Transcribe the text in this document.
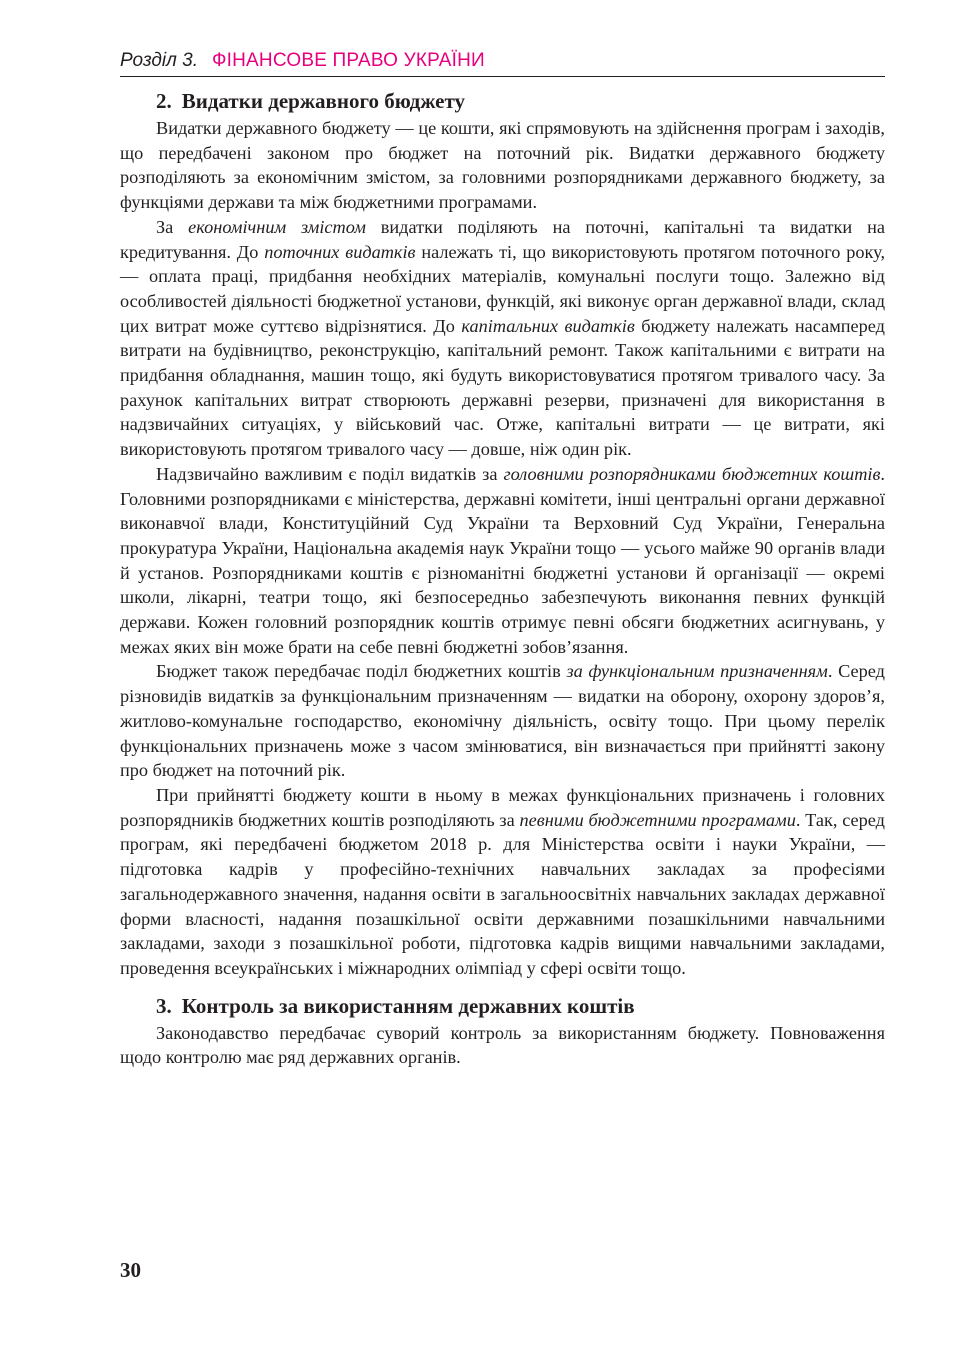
Розділ 3. ФІНАНСОВЕ ПРАВО УКРАЇНИ
2. Видатки державного бюджету

Видатки державного бюджету — це кошти, які спрямовують на здійснення програм і заходів, що передбачені законом про бюджет на поточний рік. Видатки державного бюджету розподіляють за економічним змістом, за головними розпорядниками державного бюджету, за функціями держави та між бюджетними програмами.

За економічним змістом видатки поділяють на поточні, капітальні та видатки на кредитування. До поточних видатків належать ті, що використовують протягом поточного року, — оплата праці, придбання необхідних матеріалів, комунальні послуги тощо. Залежно від особливостей діяльності бюджетної установи, функцій, які виконує орган державної влади, склад цих витрат може суттєво відрізнятися. До капітальних видатків бюджету належать насамперед витрати на будівництво, реконструкцію, капітальний ремонт. Також капітальними є витрати на придбання обладнання, машин тощо, які будуть використовуватися протягом тривалого часу. За рахунок капітальних витрат створюють державні резерви, призначені для використання в надзвичайних ситуаціях, у військовий час. Отже, капітальні витрати — це витрати, які використовують протягом тривалого часу — довше, ніж один рік.

Надзвичайно важливим є поділ видатків за головними розпорядниками бюджетних коштів. Головними розпорядниками є міністерства, державні комітети, інші центральні органи державної виконавчої влади, Конституційний Суд України та Верховний Суд України, Генеральна прокуратура України, Національна академія наук України тощо — усього майже 90 органів влади й установ. Розпорядниками коштів є різноманітні бюджетні установи й організації — окремі школи, лікарні, театри тощо, які безпосередньо забезпечують виконання певних функцій держави. Кожен головний розпорядник коштів отримує певні обсяги бюджетних асигнувань, у межах яких він може брати на себе певні бюджетні зобов’язання.

Бюджет також передбачає поділ бюджетних коштів за функціональним призначенням. Серед різновидів видатків за функціональним призначенням — видатки на оборону, охорону здоров’я, житлово-комунальне господарство, економічну діяльність, освіту тощо. При цьому перелік функціональних призначень може з часом змінюватися, він визначається при прийнятті закону про бюджет на поточний рік.

При прийнятті бюджету кошти в ньому в межах функціональних призначень і головних розпорядників бюджетних коштів розподіляють за певними бюджетними програмами. Так, серед програм, які передбачені бюджетом 2018 р. для Міністерства освіти і науки України, — підготовка кадрів у професійно-технічних навчальних закладах за професіями загальнодержавного значення, надання освіти в загальноосвітніх навчальних закладах державної форми власності, надання позашкільної освіти державними позашкільними навчальними закладами, заходи з позашкільної роботи, підготовка кадрів вищими навчальними закладами, проведення всеукраїнських і міжнародних олімпіад у сфері освіти тощо.

3. Контроль за використанням державних коштів

Законодавство передбачає суворий контроль за використанням бюджету. Повноваження щодо контролю має ряд державних органів.

30
